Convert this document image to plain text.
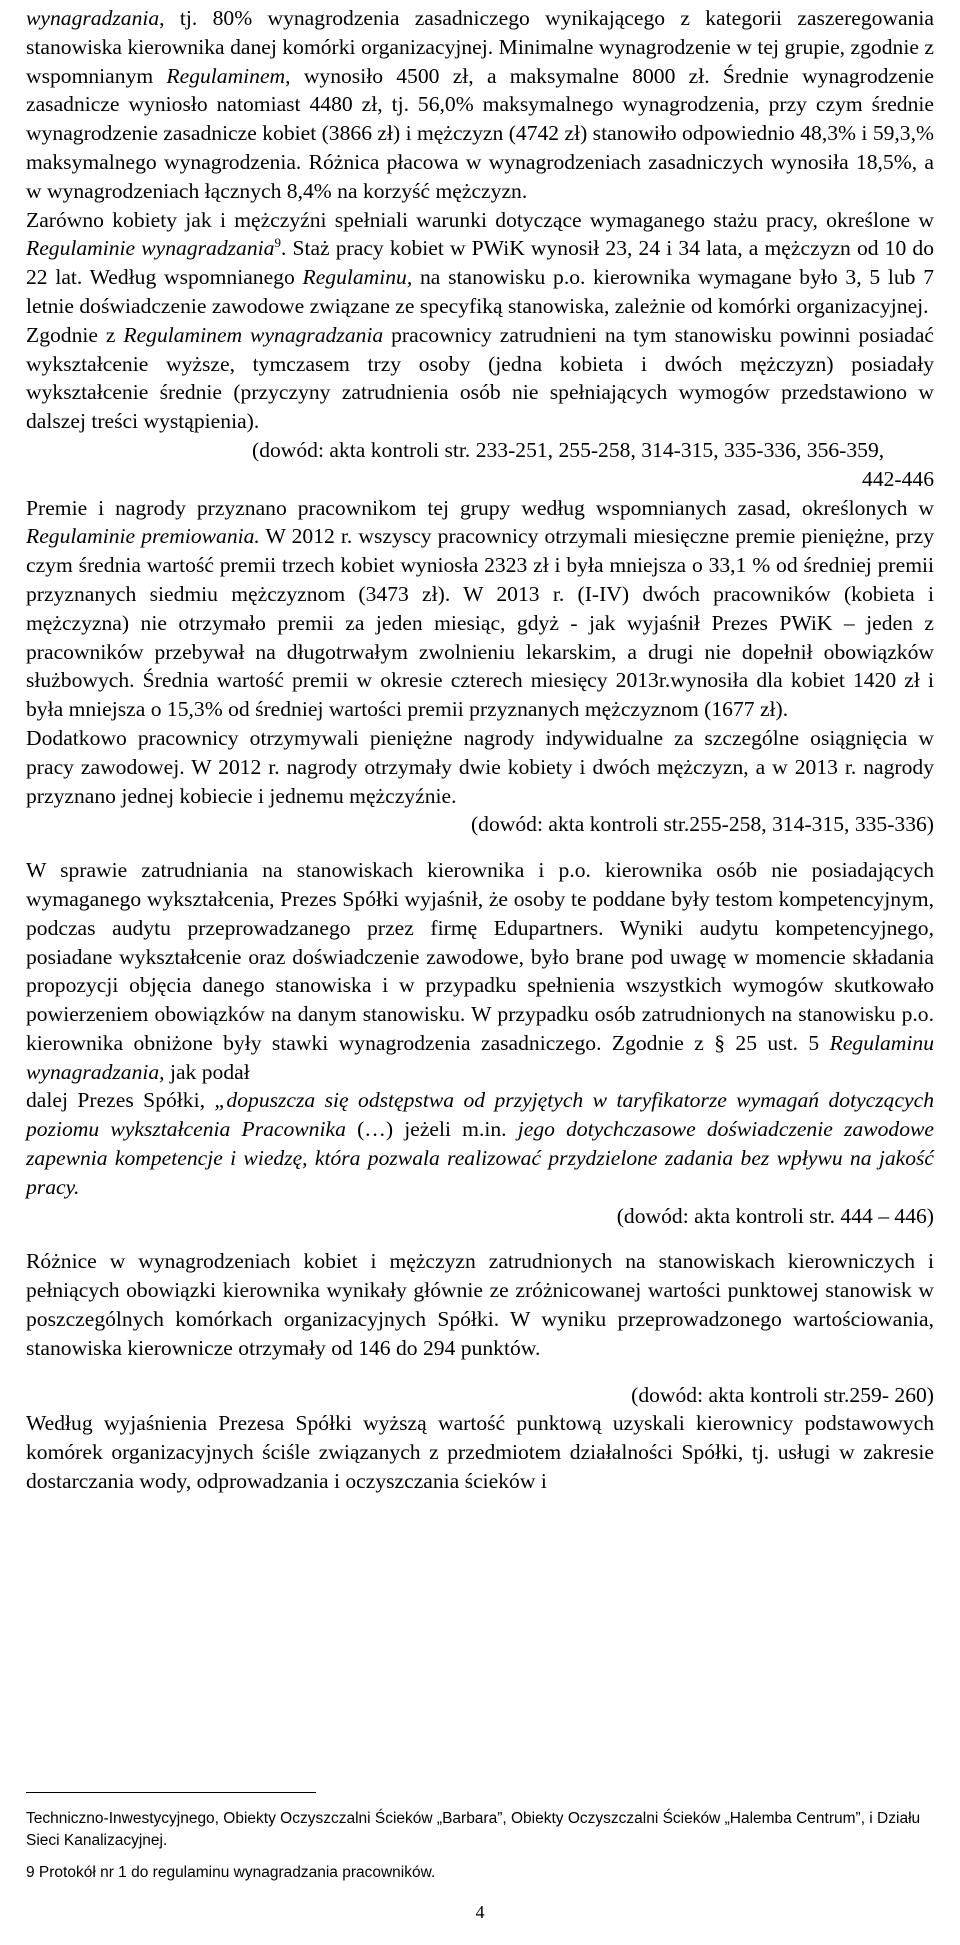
wynagradzania, tj. 80% wynagrodzenia zasadniczego wynikającego z kategorii zaszeregowania stanowiska kierownika danej komórki organizacyjnej. Minimalne wynagrodzenie w tej grupie, zgodnie z wspomnianym Regulaminem, wynosiło 4500 zł, a maksymalne 8000 zł. Średnie wynagrodzenie zasadnicze wyniosło natomiast 4480 zł, tj. 56,0% maksymalnego wynagrodzenia, przy czym średnie wynagrodzenie zasadnicze kobiet (3866 zł) i mężczyzn (4742 zł) stanowiło odpowiednio 48,3% i 59,3,% maksymalnego wynagrodzenia. Różnica płacowa w wynagrodzeniach zasadniczych wynosiła 18,5%, a w wynagrodzeniach łącznych 8,4% na korzyść mężczyzn.

Zarówno kobiety jak i mężczyźni spełniali warunki dotyczące wymaganego stażu pracy, określone w Regulaminie wynagradzania$^9$. Staż pracy kobiet w PWiK wynosił 23, 24 i 34 lata, a mężczyzn od 10 do 22 lat. Według wspomnianego Regulaminu, na stanowisku p.o. kierownika wymagane było 3, 5 lub 7 letnie doświadczenie zawodowe związane ze specyfiką stanowiska, zależnie od komórki organizacyjnej.

Zgodnie z Regulaminem wynagradzania pracownicy zatrudnieni na tym stanowisku powinni posiadać wykształcenie wyższe, tymczasem trzy osoby (jedna kobieta i dwóch mężczyzn) posiadały wykształcenie średnie (przyczyny zatrudnienia osób nie spełniających wymogów przedstawiono w dalszej treści wystąpienia).

(dowód: akta kontroli str. 233-251, 255-258, 314-315, 335-336, 356-359,

442-446

Premie i nagrody przyznano pracownikom tej grupy według wspomnianych zasad, określonych w Regulaminie premiowania. W 2012 r. wszyscy pracownicy otrzymali miesięczne premie pieniężne, przy czym średnia wartość premii trzech kobiet wyniosła 2323 zł i była mniejsza o 33,1 % od średniej premii przyznanych siedmiu mężczyznom (3473 zł). W 2013 r. (I-IV) dwóch pracowników (kobieta i mężczyzna) nie otrzymało premii za jeden miesiąc, gdyż - jak wyjaśnił Prezes PWiK – jeden z pracowników przebywał na długotrwałym zwolnieniu lekarskim, a drugi nie dopełnił obowiązków służbowych. Średnia wartość premii w okresie czterech miesięcy 2013r.wynosiła dla kobiet 1420 zł i była mniejsza o 15,3% od średniej wartości premii przyznanych mężczyznom (1677 zł).

Dodatkowo pracownicy otrzymywali pieniężne nagrody indywidualne za szczególne osiągnięcia w pracy zawodowej. W 2012 r. nagrody otrzymały dwie kobiety i dwóch mężczyzn, a w 2013 r. nagrody przyznano jednej kobiecie i jednemu mężczyźnie.

(dowód: akta kontroli str.255-258, 314-315, 335-336)

W sprawie zatrudniania na stanowiskach kierownika i p.o. kierownika osób nie posiadających wymaganego wykształcenia, Prezes Spółki wyjaśnił, że osoby te poddane były testom kompetencyjnym, podczas audytu przeprowadzanego przez firmę Edupartners. Wyniki audytu kompetencyjnego, posiadane wykształcenie oraz doświadczenie zawodowe, było brane pod uwagę w momencie składania propozycji objęcia danego stanowiska i w przypadku spełnienia wszystkich wymogów skutkowało powierzeniem obowiązków na danym stanowisku. W przypadku osób zatrudnionych na stanowisku p.o. kierownika obniżone były stawki wynagrodzenia zasadniczego. Zgodnie z § 25 ust. 5 Regulaminu wynagradzania, jak podał

dalej Prezes Spółki, „dopuszcza się odstępstwa od przyjętych w taryfikatorze wymagań dotyczących poziomu wykształcenia Pracownika (…) jeżeli m.in. jego dotychczasowe doświadczenie zawodowe zapewnia kompetencje i wiedzę, która pozwala realizować przydzielone zadania bez wpływu na jakość pracy.

(dowód: akta kontroli str. 444 – 446)

Różnice w wynagrodzeniach kobiet i mężczyzn zatrudnionych na stanowiskach kierowniczych i pełniących obowiązki kierownika wynikały głównie ze zróżnicowanej wartości punktowej stanowisk w poszczególnych komórkach organizacyjnych Spółki. W wyniku przeprowadzonego wartościowania, stanowiska kierownicze otrzymały od 146 do 294 punktów.

(dowód: akta kontroli str.259- 260)

Według wyjaśnienia Prezesa Spółki wyższą wartość punktową uzyskali kierownicy podstawowych komórek organizacyjnych ściśle związanych z przedmiotem działalności Spółki, tj. usługi w zakresie dostarczania wody, odprowadzania i oczyszczania ścieków i

Techniczno-Inwestycyjnego, Obiekty Oczyszczalni Ścieków „Barbara”, Obiekty Oczyszczalni Ścieków „Halemba Centrum”, i Działu Sieci Kanalizacyjnej.
9 Protokół nr 1 do regulaminu wynagradzania pracowników.
4
